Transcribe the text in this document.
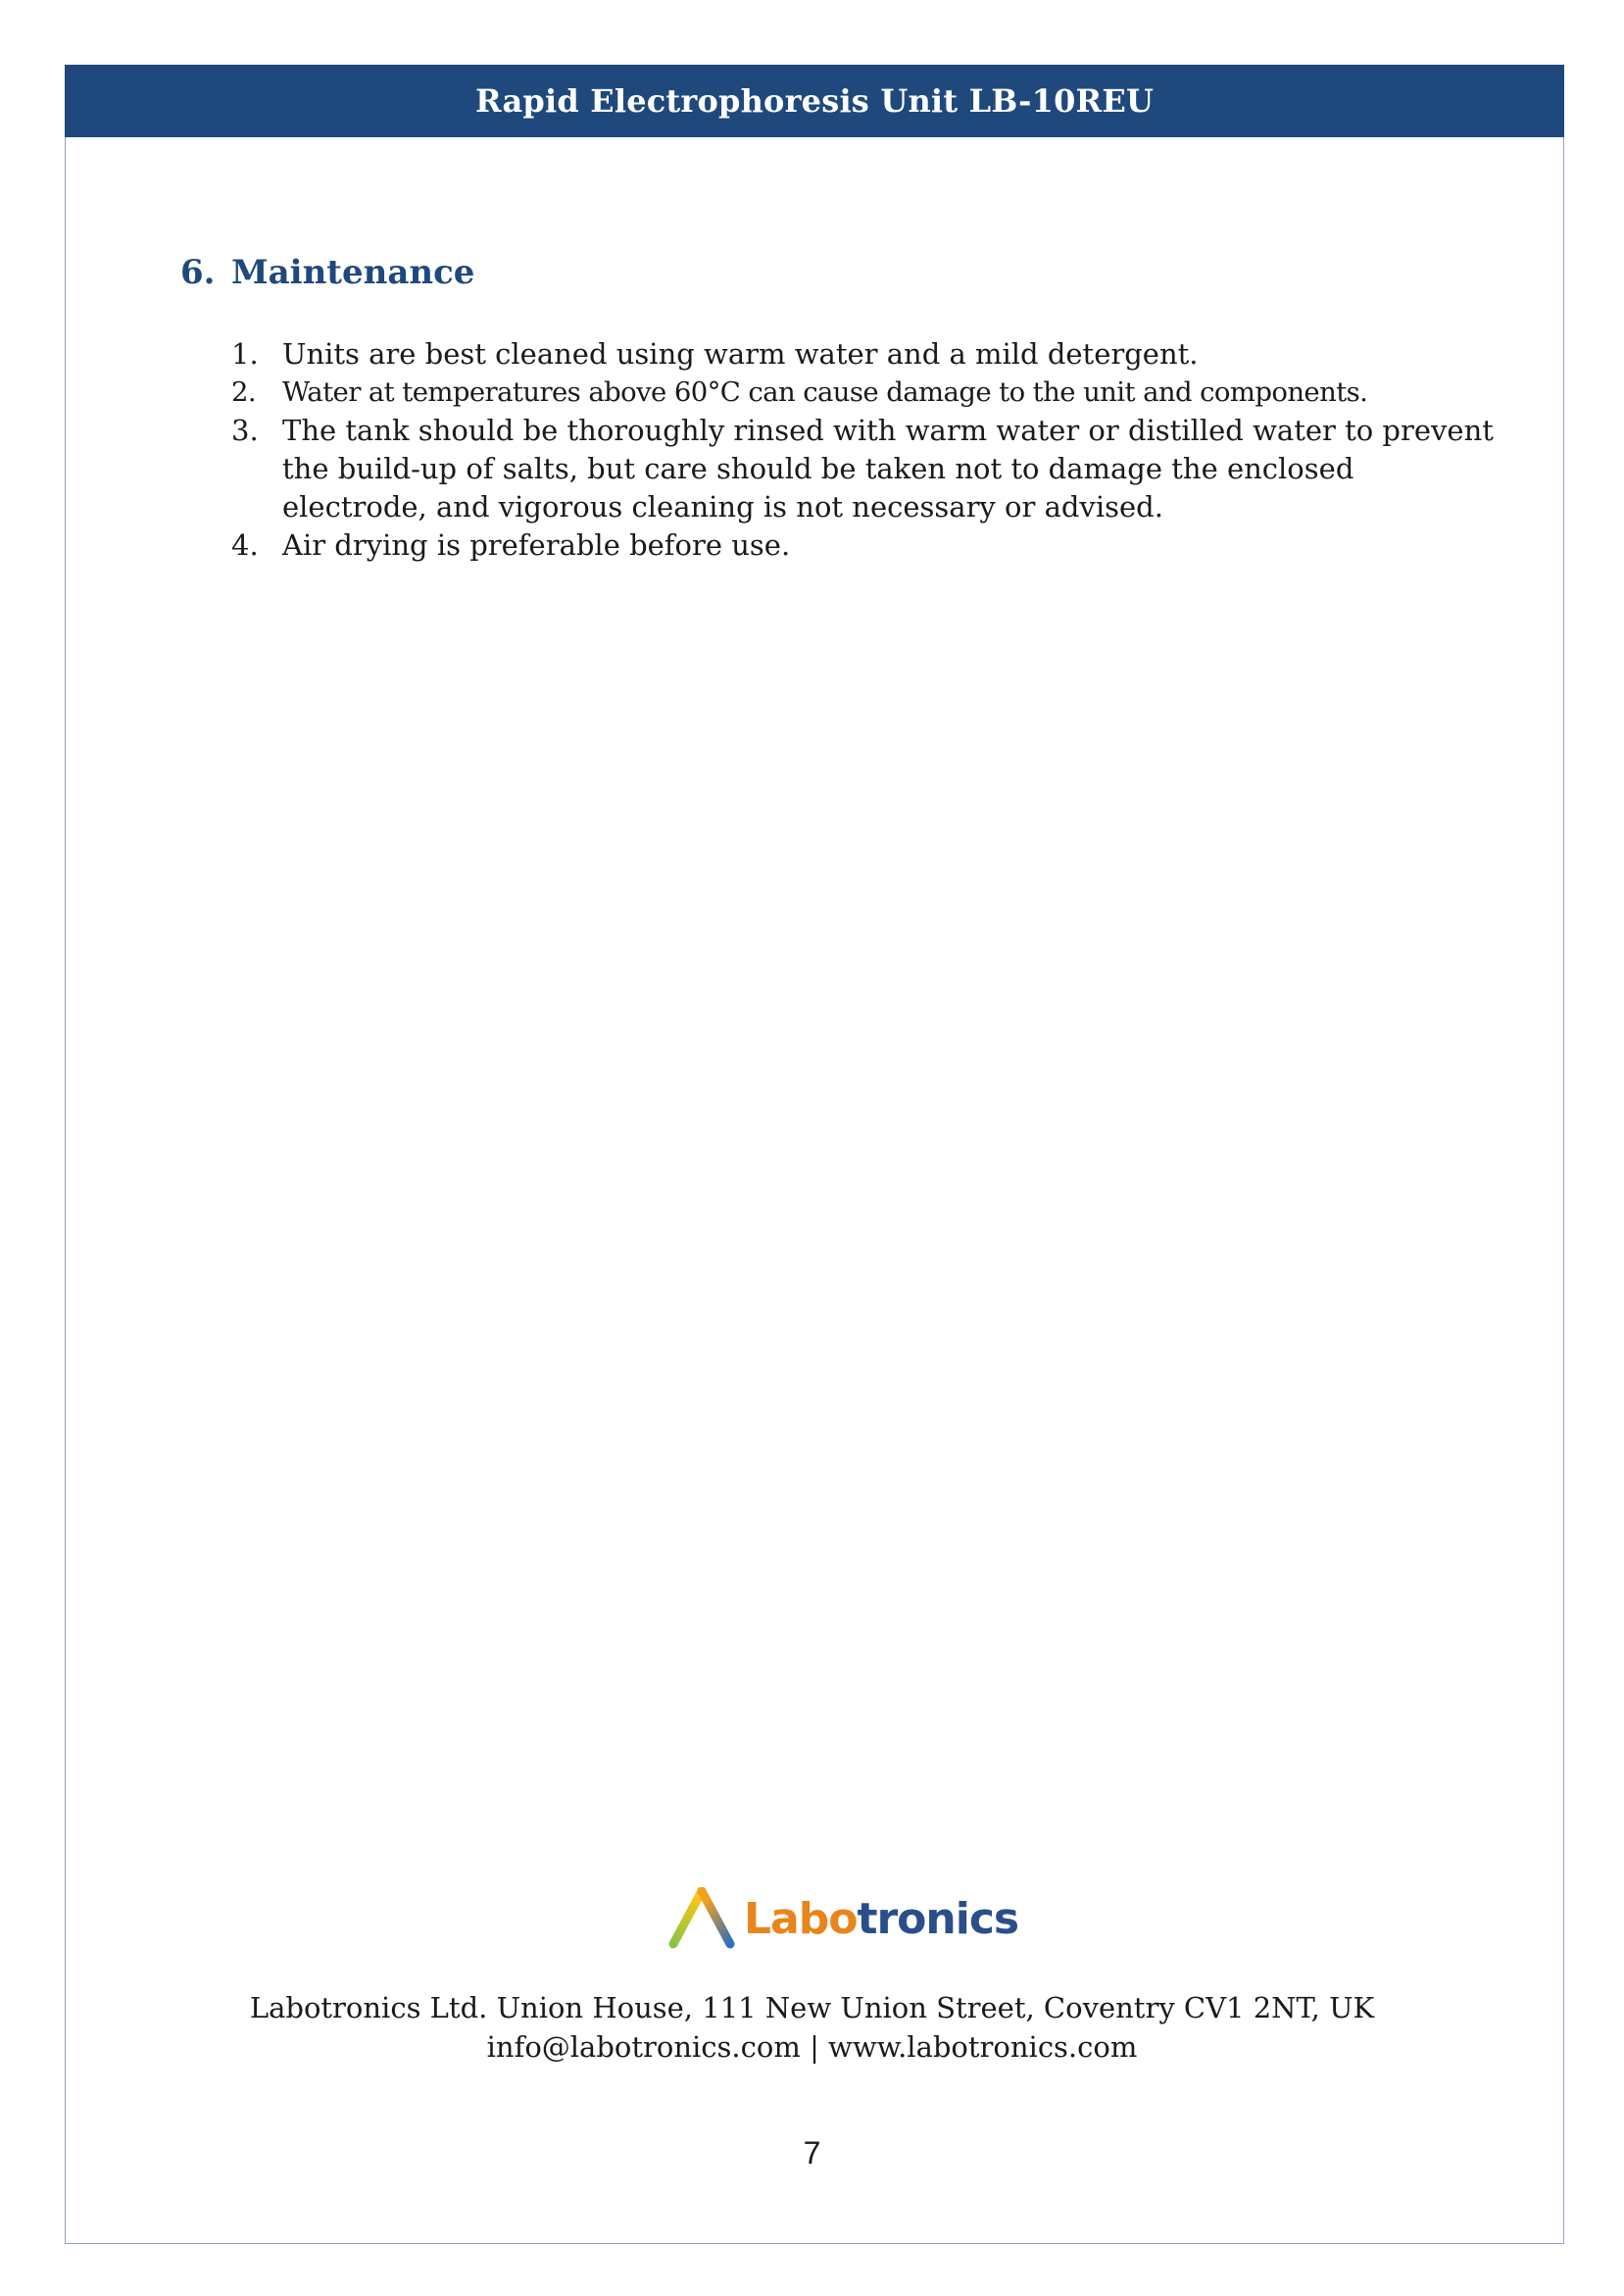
Rapid Electrophoresis Unit LB-10REU
6. Maintenance
1. Units are best cleaned using warm water and a mild detergent.
2. Water at temperatures above 60°C can cause damage to the unit and components.
3. The tank should be thoroughly rinsed with warm water or distilled water to prevent the build-up of salts, but care should be taken not to damage the enclosed electrode, and vigorous cleaning is not necessary or advised.
4. Air drying is preferable before use.
Labotronics
Labotronics Ltd. Union House, 111 New Union Street, Coventry CV1 2NT, UK
info@labotronics.com | www.labotronics.com
7
